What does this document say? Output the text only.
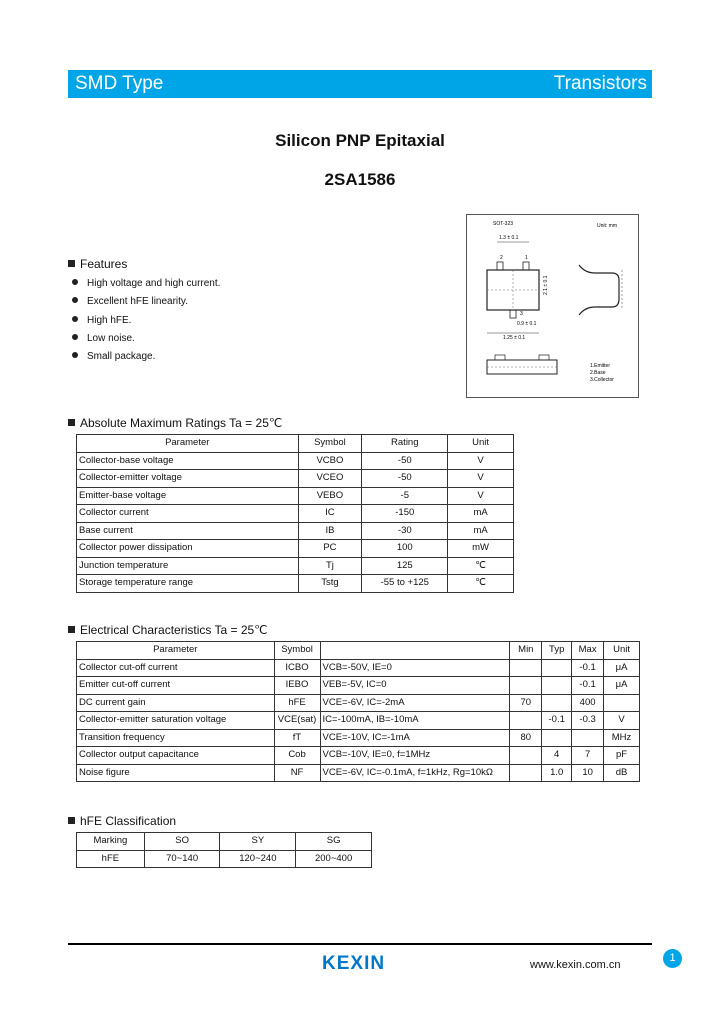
SMD Type	Transistors
Silicon PNP Epitaxial
2SA1586
Features
High voltage and high current.
Excellent hFE linearity.
High hFE.
Low noise.
Small package.
SOT-323	Unit: mm
1.3 ± 0.1
1
2
3
2.1 ± 0.1
0.9 ± 0.1
1.25 ± 0.1
1.Emitter
2.Base
3.Collector
Absolute Maximum Ratings Ta = 25℃
Parameter	Symbol	Rating	Unit
Collector-base voltage	VCBO	-50	V
Collector-emitter voltage	VCEO	-50	V
Emitter-base voltage	VEBO	-5	V
Collector current	IC	-150	mA
Base current	IB	-30	mA
Collector power dissipation	PC	100	mW
Junction temperature	Tj	125	℃
Storage temperature range	Tstg	-55 to +125	℃
Electrical Characteristics Ta = 25℃
Parameter	Symbol		Min	Typ	Max	Unit
Collector cut-off current	ICBO	VCB=-50V, IE=0			-0.1	μA
Emitter cut-off current	IEBO	VEB=-5V, IC=0			-0.1	μA
DC current gain	hFE	VCE=-6V, IC=-2mA	70		400	
Collector-emitter saturation voltage	VCE(sat)	IC=-100mA, IB=-10mA		-0.1	-0.3	V
Transition frequency	fT	VCE=-10V, IC=-1mA	80			MHz
Collector output capacitance	Cob	VCB=-10V, IE=0, f=1MHz		4	7	pF
Noise figure	NF	VCE=-6V, IC=-0.1mA, f=1kHz, Rg=10kΩ		1.0	10	dB
hFE Classification
Marking	SO	SY	SG
hFE	70~140	120~240	200~400
KEXIN	www.kexin.com.cn
1
